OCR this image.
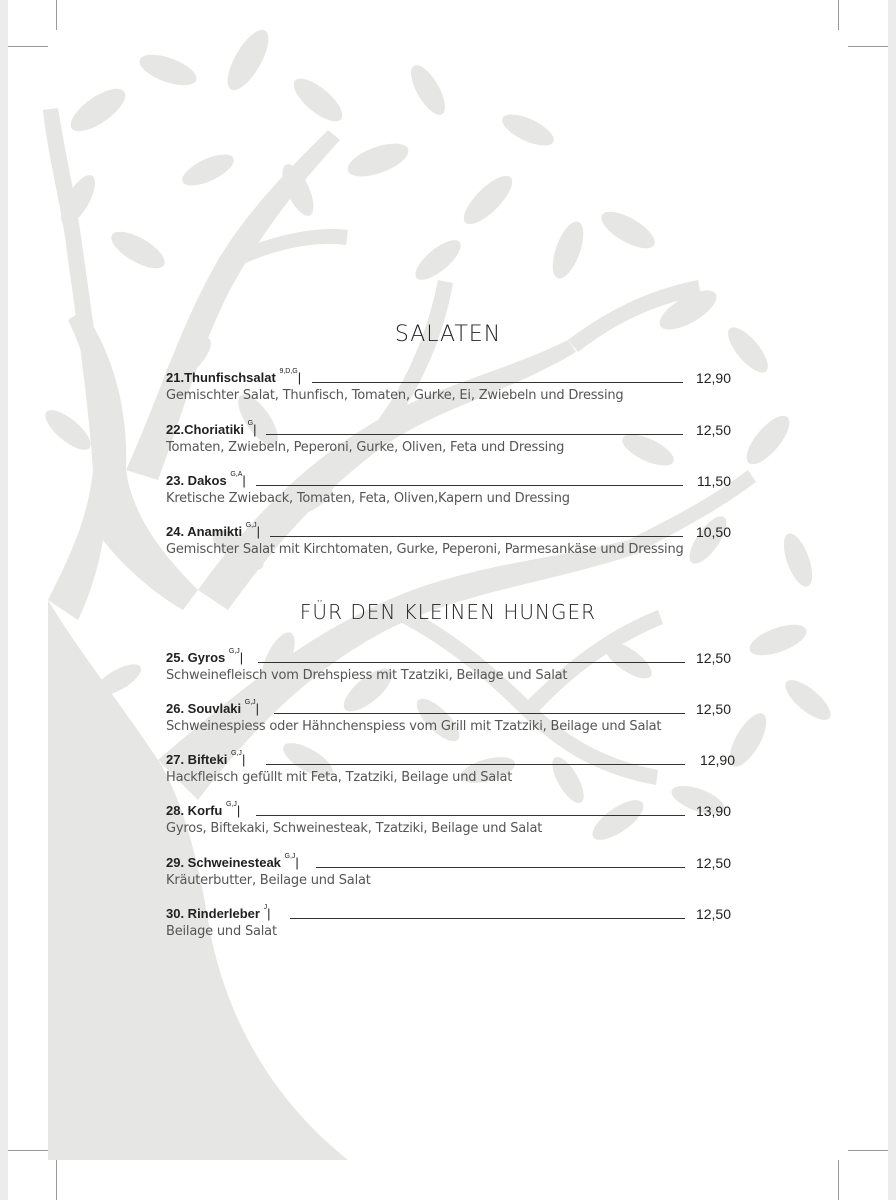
SALATEN
21.Thunfischsalat $^{9,D,G}$|	12,90
Gemischter Salat, Thunfisch, Tomaten, Gurke, Ei, Zwiebeln und Dressing
22.Choriatiki $^G$|	12,50
Tomaten, Zwiebeln, Peperoni, Gurke, Oliven, Feta und Dressing
23. Dakos $^{G,A}$|	11,50
Kretische Zwieback, Tomaten, Feta, Oliven,Kapern und Dressing
24. Anamikti $^{G,J}$|	10,50
Gemischter Salat mit Kirchtomaten, Gurke, Peperoni, Parmesankäse und Dressing
FÜR DEN KLEINEN HUNGER
25. Gyros $^{G,J}$|	12,50
Schweinefleisch vom Drehspiess mit Tzatziki, Beilage und Salat
26. Souvlaki $^{G,J}$|	12,50
Schweinespiess oder Hähnchenspiess vom Grill mit Tzatziki, Beilage und Salat
27. Bifteki $^{G,J}$|	12,90
Hackfleisch gefüllt mit Feta, Tzatziki, Beilage und Salat
28. Korfu $^{G,J}$|	13,90
Gyros, Biftekaki, Schweinesteak, Tzatziki, Beilage und Salat
29. Schweinesteak $^{G,J}$|	12,50
Kräuterbutter, Beilage und Salat
30. Rinderleber $^J$|	12,50
Beilage und Salat
